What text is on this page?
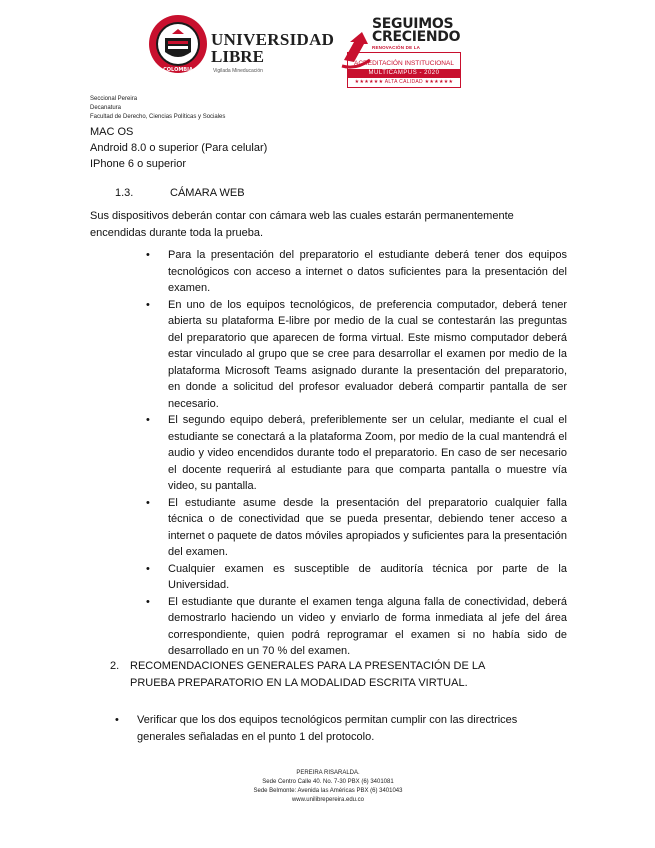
COLOMBIA
UNIVERSIDAD
LIBRE
Vigilada Mineducación
SEGUIMOS
CRECIENDO
RENOVACIÓN DE LA
ACREDITACIÓN INSTITUCIONAL
MULTICAMPUS - 2020
★★★★★★ ALTA CALIDAD ★★★★★★
Seccional Pereira
Decanatura
Facultad de Derecho, Ciencias Políticas y Sociales
MAC OS
Android 8.0 o superior (Para celular)
IPhone 6 o superior
1.3.	CÁMARA WEB
Sus dispositivos deberán contar con cámara web las cuales estarán permanentemente encendidas durante toda la prueba.
• Para la presentación del preparatorio el estudiante deberá tener dos equipos tecnológicos con acceso a internet o datos suficientes para la presentación del examen.
• En uno de los equipos tecnológicos, de preferencia computador, deberá tener abierta su plataforma E-libre por medio de la cual se contestarán las preguntas del preparatorio que aparecen de forma virtual. Este mismo computador deberá estar vinculado al grupo que se cree para desarrollar el examen por medio de la plataforma Microsoft Teams asignado durante la presentación del preparatorio, en donde a solicitud del profesor evaluador deberá compartir pantalla de ser necesario.
• El segundo equipo deberá, preferiblemente ser un celular, mediante el cual el estudiante se conectará a la plataforma Zoom, por medio de la cual mantendrá el audio y video encendidos durante todo el preparatorio. En caso de ser necesario el docente requerirá al estudiante para que comparta pantalla o muestre vía video, su pantalla.
• El estudiante asume desde la presentación del preparatorio cualquier falla técnica o de conectividad que se pueda presentar, debiendo tener acceso a internet o paquete de datos móviles apropiados y suficientes para la presentación del examen.
• Cualquier examen es susceptible de auditoría técnica por parte de la Universidad.
• El estudiante que durante el examen tenga alguna falla de conectividad, deberá demostrarlo haciendo un video y enviarlo de forma inmediata al jefe del área correspondiente, quien podrá reprogramar el examen si no había sido de desarrollado en un 70 % del examen.
2. RECOMENDACIONES GENERALES PARA LA PRESENTACIÓN DE LA PRUEBA PREPARATORIO EN LA MODALIDAD ESCRITA VIRTUAL.
• Verificar que los dos equipos tecnológicos permitan cumplir con las directrices generales señaladas en el punto 1 del protocolo.
PEREIRA RISARALDA.
Sede Centro Calle 40. No. 7-30 PBX (6) 3401081
Sede Belmonte: Avenida las Américas PBX (6) 3401043
www.unilibrepereira.edu.co
